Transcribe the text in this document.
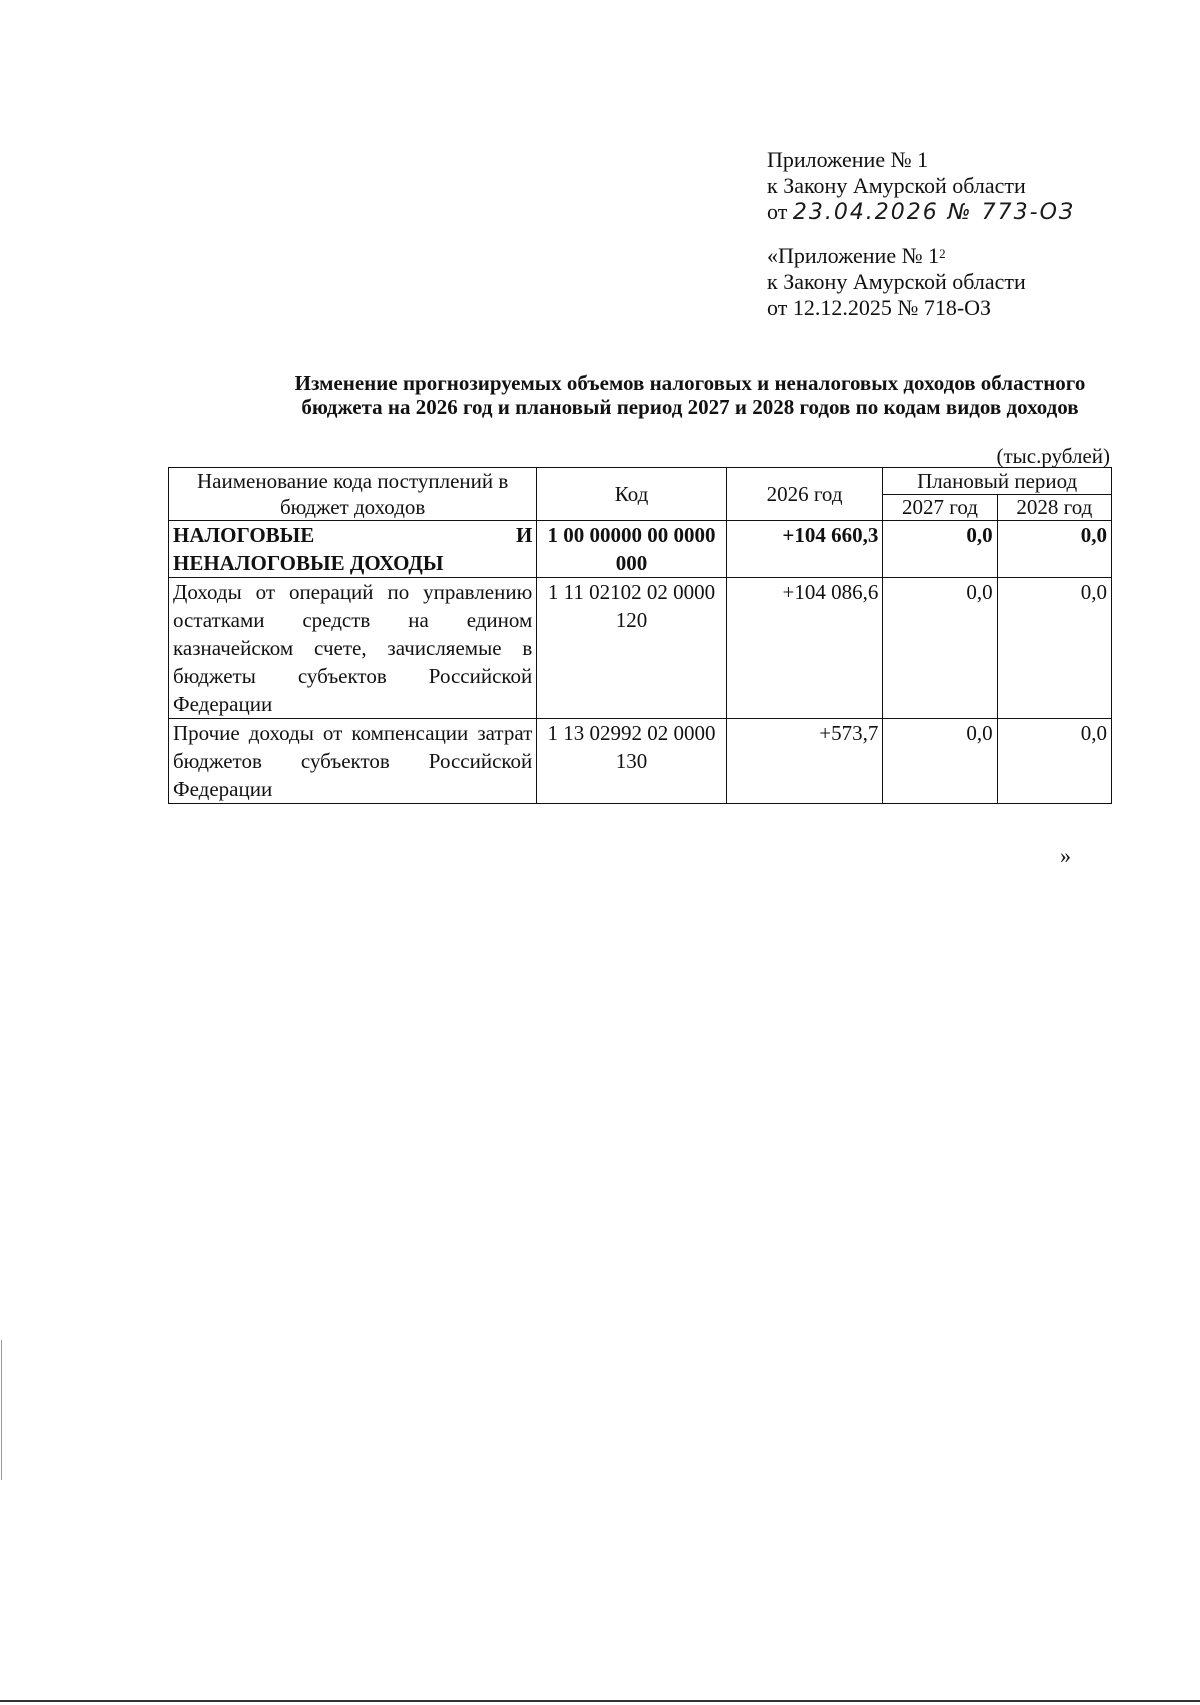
Приложение № 1
к Закону Амурской области
от 23.04.2026 № 773-ОЗ
«Приложение № $1^2$
к Закону Амурской области
от 12.12.2025 № 718-ОЗ
Изменение прогнозируемых объемов налоговых и неналоговых доходов областного
бюджета на 2026 год и плановый период 2027 и 2028 годов по кодам видов доходов
(тыс.рублей)
Наименование кода поступлений в бюджет доходов	Код	2026 год	Плановый период	
			2027 год	2028 год

НАЛОГОВЫЕ И
НЕНАЛОГОВЫЕ ДОХОДЫ	1 00 00000 00 0000 000	+104 660,3	0,0	0,0
Доходы от операций по управлению остатками средств на едином казначейском счете, зачисляемые в бюджеты субъектов Российской Федерации	1 11 02102 02 0000 120	+104 086,6	0,0	0,0
Прочие доходы от компенсации затрат бюджетов субъектов Российской Федерации	1 13 02992 02 0000 130	+573,7	0,0	0,0
»
